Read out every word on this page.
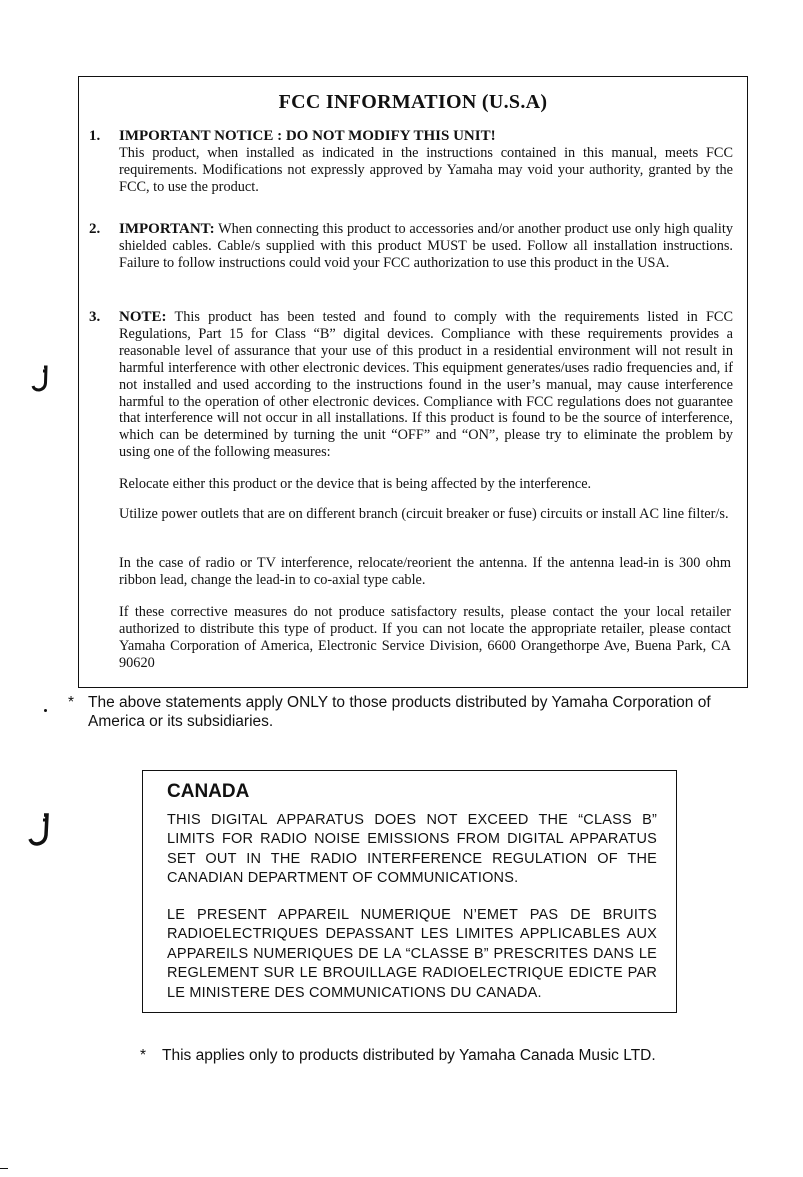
FCC INFORMATION (U.S.A)
1. IMPORTANT NOTICE : DO NOT MODIFY THIS UNIT!
This product, when installed as indicated in the instructions contained in this manual, meets FCC requirements. Modifications not expressly approved by Yamaha may void your authority, granted by the FCC, to use the product.
2. IMPORTANT: When connecting this product to accessories and/or another product use only high quality shielded cables. Cable/s supplied with this product MUST be used. Follow all installation instructions. Failure to follow instructions could void your FCC authorization to use this product in the USA.
3. NOTE: This product has been tested and found to comply with the requirements listed in FCC Regulations, Part 15 for Class “B” digital devices. Compliance with these requirements provides a reasonable level of assurance that your use of this product in a residential environment will not result in harmful interference with other electronic devices. This equipment generates/uses radio frequencies and, if not installed and used according to the instructions found in the user’s manual, may cause interference harmful to the operation of other electronic devices. Compliance with FCC regulations does not guarantee that interference will not occur in all installations. If this product is found to be the source of interference, which can be determined by turning the unit “OFF” and “ON”, please try to eliminate the problem by using one of the following measures:
Relocate either this product or the device that is being affected by the interference.
Utilize power outlets that are on different branch (circuit breaker or fuse) circuits or install AC line filter/s.
In the case of radio or TV interference, relocate/reorient the antenna. If the antenna lead-in is 300 ohm ribbon lead, change the lead-in to co-axial type cable.
If these corrective measures do not produce satisfactory results, please contact the your local retailer authorized to distribute this type of product. If you can not locate the appropriate retailer, please contact Yamaha Corporation of America, Electronic Service Division, 6600 Orangethorpe Ave, Buena Park, CA 90620
* The above statements apply ONLY to those products distributed by Yamaha Corporation of America or its subsidiaries.
CANADA
THIS DIGITAL APPARATUS DOES NOT EXCEED THE “CLASS B” LIMITS FOR RADIO NOISE EMISSIONS FROM DIGITAL APPARATUS SET OUT IN THE RADIO INTERFERENCE REGULATION OF THE CANADIAN DEPARTMENT OF COMMUNICATIONS.
LE PRESENT APPAREIL NUMERIQUE N’EMET PAS DE BRUITS RADIOELECTRIQUES DEPASSANT LES LIMITES APPLICABLES AUX APPAREILS NUMERIQUES DE LA “CLASSE B” PRESCRITES DANS LE REGLEMENT SUR LE BROUILLAGE RADIOELECTRIQUE EDICTE PAR LE MINISTERE DES COMMUNICATIONS DU CANADA.
* This applies only to products distributed by Yamaha Canada Music LTD.
